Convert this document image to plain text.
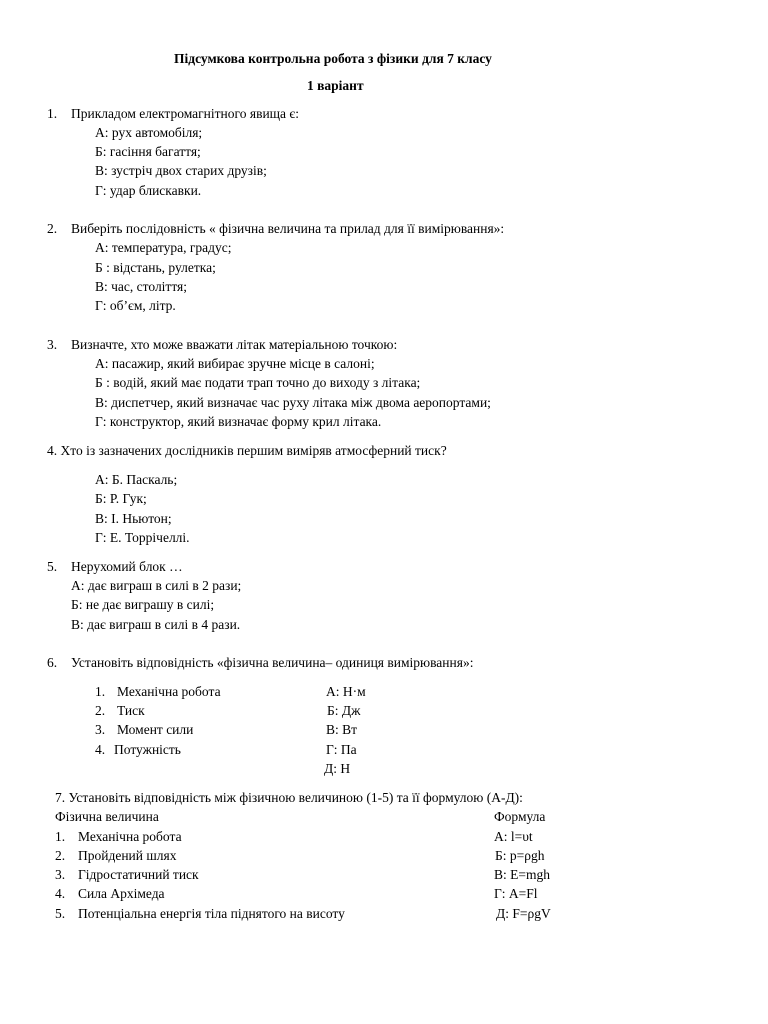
Підсумкова контрольна робота з фізики для 7 класу
1 варіант
1. Прикладом електромагнітного явища є:
А: рух автомобіля;
Б: гасіння багаття;
В: зустріч двох старих друзів;
Г: удар блискавки.
2. Виберіть послідовність « фізична величина та прилад для її вимірювання»:
А: температура, градус;
Б : відстань, рулетка;
В: час, століття;
Г: об’єм, літр.
3. Визначте, хто може вважати літак матеріальною точкою:
А: пасажир, який вибирає зручне місце в салоні;
Б : водій, який має подати трап точно до виходу з літака;
В: диспетчер, який визначає час руху літака між двома аеропортами;
Г: конструктор, який визначає форму крил літака.
4. Хто із зазначених дослідників першим виміряв атмосферний тиск?
А: Б. Паскаль;
Б: Р. Гук;
В: І. Ньютон;
Г: Е. Торрічеллі.
5. Нерухомий блок …
А: дає виграш в силі в 2 рази;
Б: не дає виграшу в силі;
В: дає виграш в силі в 4 рази.
6. Установіть відповідність «фізична величина– одиниця вимірювання»:
1. Механічна робота
2. Тиск
3. Момент сили
4. Потужність
А: Н·м
Б: Дж
В: Вт
Г: Па
Д: Н
7. Установіть відповідність між фізичною величиною (1-5) та її формулою (А-Д):
Фізична величина	Формула
1. Механічна робота
2. Пройдений шлях
3. Гідростатичний тиск
4. Сила Архімеда
5. Потенціальна енергія тіла піднятого на висоту
А: l=υt
Б: p=ρgh
В: E=mgh
Г: A=Fl
Д: F=ρgV
